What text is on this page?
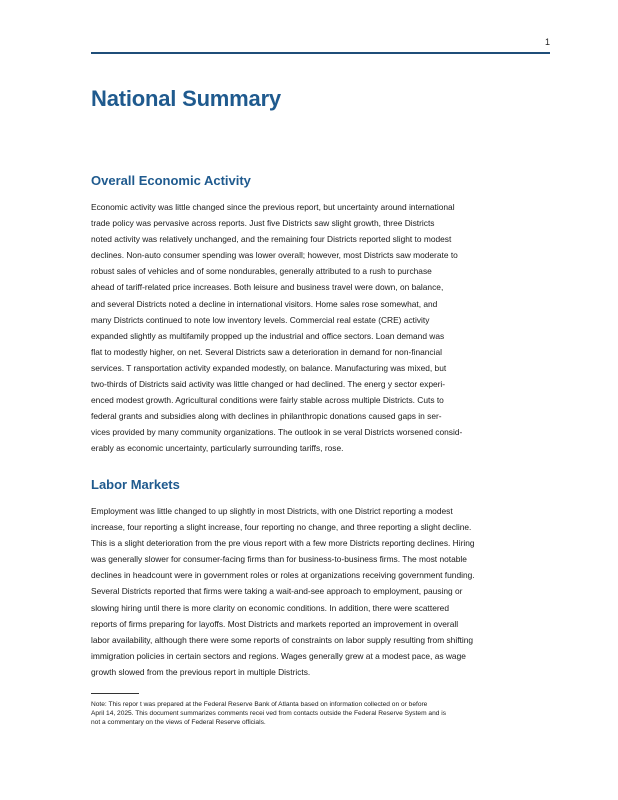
1
National Summary
Overall Economic Activity
Economic activity was little changed since the previous report, but uncertainty around international
trade policy was pervasive across reports. Just five Districts saw slight growth, three Districts
noted activity was relatively unchanged, and the remaining four Districts reported slight to modest
declines. Non-auto consumer spending was lower overall; however, most Districts saw moderate to
robust sales of vehicles and of some nondurables, generally attributed to a rush to purchase
ahead of tariff-related price increases. Both leisure and business travel were down, on balance,
and several Districts noted a decline in international visitors. Home sales rose somewhat, and
many Districts continued to note low inventory levels. Commercial real estate (CRE) activity
expanded slightly as multifamily propped up the industrial and office sectors. Loan demand was
flat to modestly higher, on net. Several Districts saw a deterioration in demand for non-financial
services. T ransportation activity expanded modestly, on balance. Manufacturing was mixed, but
two-thirds of Districts said activity was little changed or had declined. The energ y sector experi-
enced modest growth. Agricultural conditions were fairly stable across multiple Districts. Cuts to
federal grants and subsidies along with declines in philanthropic donations caused gaps in ser-
vices provided by many community organizations. The outlook in se veral Districts worsened consid-
erably as economic uncertainty, particularly surrounding tariffs, rose.
Labor Markets
Employment was little changed to up slightly in most Districts, with one District reporting a modest
increase, four reporting a slight increase, four reporting no change, and three reporting a slight decline.
This is a slight deterioration from the pre vious report with a few more Districts reporting declines. Hiring
was generally slower for consumer-facing firms than for business-to-business firms. The most notable
declines in headcount were in government roles or roles at organizations receiving government funding.
Several Districts reported that firms were taking a wait-and-see approach to employment, pausing or
slowing hiring until there is more clarity on economic conditions. In addition, there were scattered
reports of firms preparing for layoffs. Most Districts and markets reported an improvement in overall
labor availability, although there were some reports of constraints on labor supply resulting from shifting
immigration policies in certain sectors and regions. Wages generally grew at a modest pace, as wage
growth slowed from the previous report in multiple Districts.
Note: This repor t was prepared at the Federal Reserve Bank of Atlanta based on information collected on or before
April 14, 2025. This document summarizes comments recei ved from contacts outside the Federal Reserve System and is
not a commentary on the views of Federal Reserve officials.
